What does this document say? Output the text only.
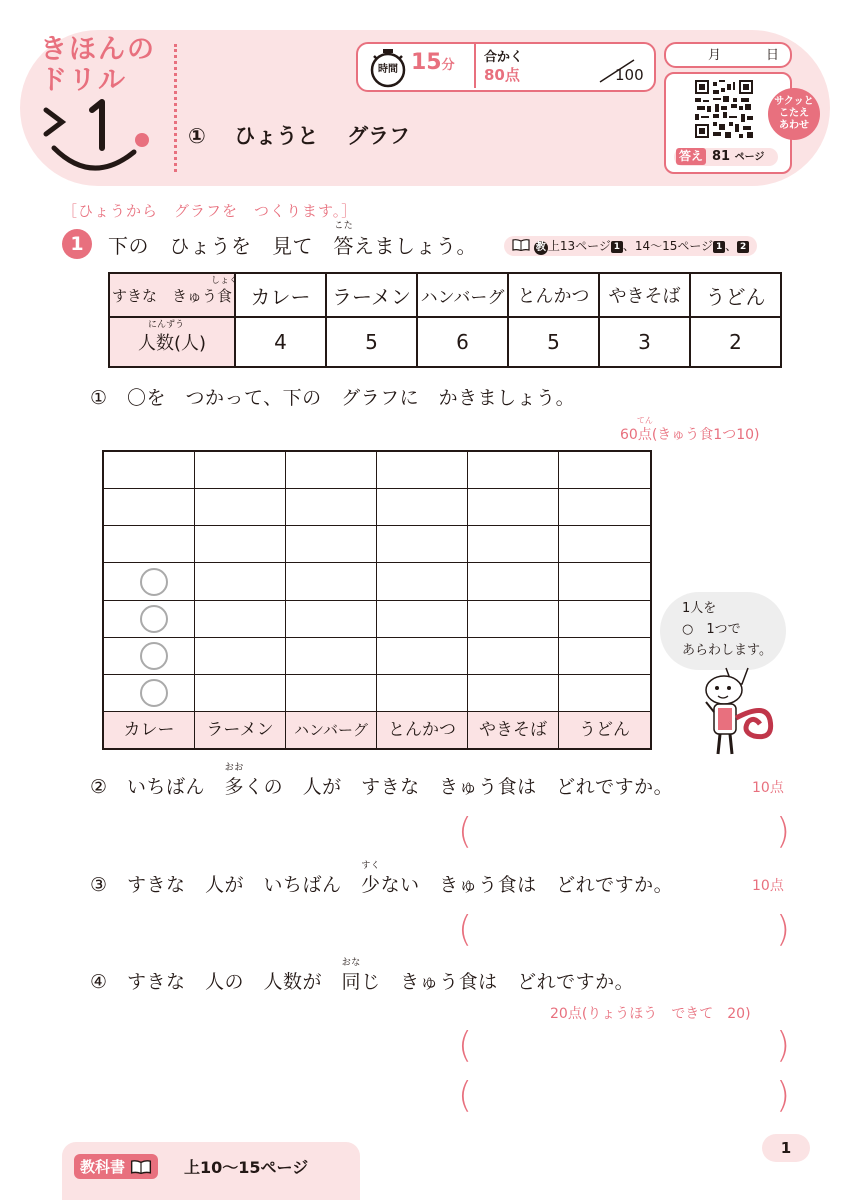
きほんの
ドリル
① ひょうと グラフ
時間 15分
合かく
80点	100
月	日
答え 81 ページ
サクッと
こたえ
あわせ
［ひょうから　グラフを　つくります。］
1	下の　ひょうを　見て　
こた
答えましょう。	教 上13ページ 1 、14〜15ページ 1 、 2
すきな　きゅう
しょく
食	カレー	ラーメン	ハンバーグ	とんかつ	やきそば	うどん

にんずう
人数(人)	4	5	6	5	3	2
①　〇を　つかって、下の　グラフに　かきましょう。
60
てん
点(きゅう食1つ10)
カレー	ラーメン	ハンバーグ	とんかつ	やきそば	うどん
1人を
○　1つで
あらわします。
②　いちばん　
おお
多くの　人が　すきな　きゅう食は　どれですか。	10点
(	)
③　すきな　人が　いちばん　
すく
少ない　きゅう食は　どれですか。	10点
(	)
④　すきな　人の　人数が　
おな
同じ　きゅう食は　どれですか。
20点(りょうほう　できて　20)
(	)
(	)
教科書	上10〜15ページ
1
